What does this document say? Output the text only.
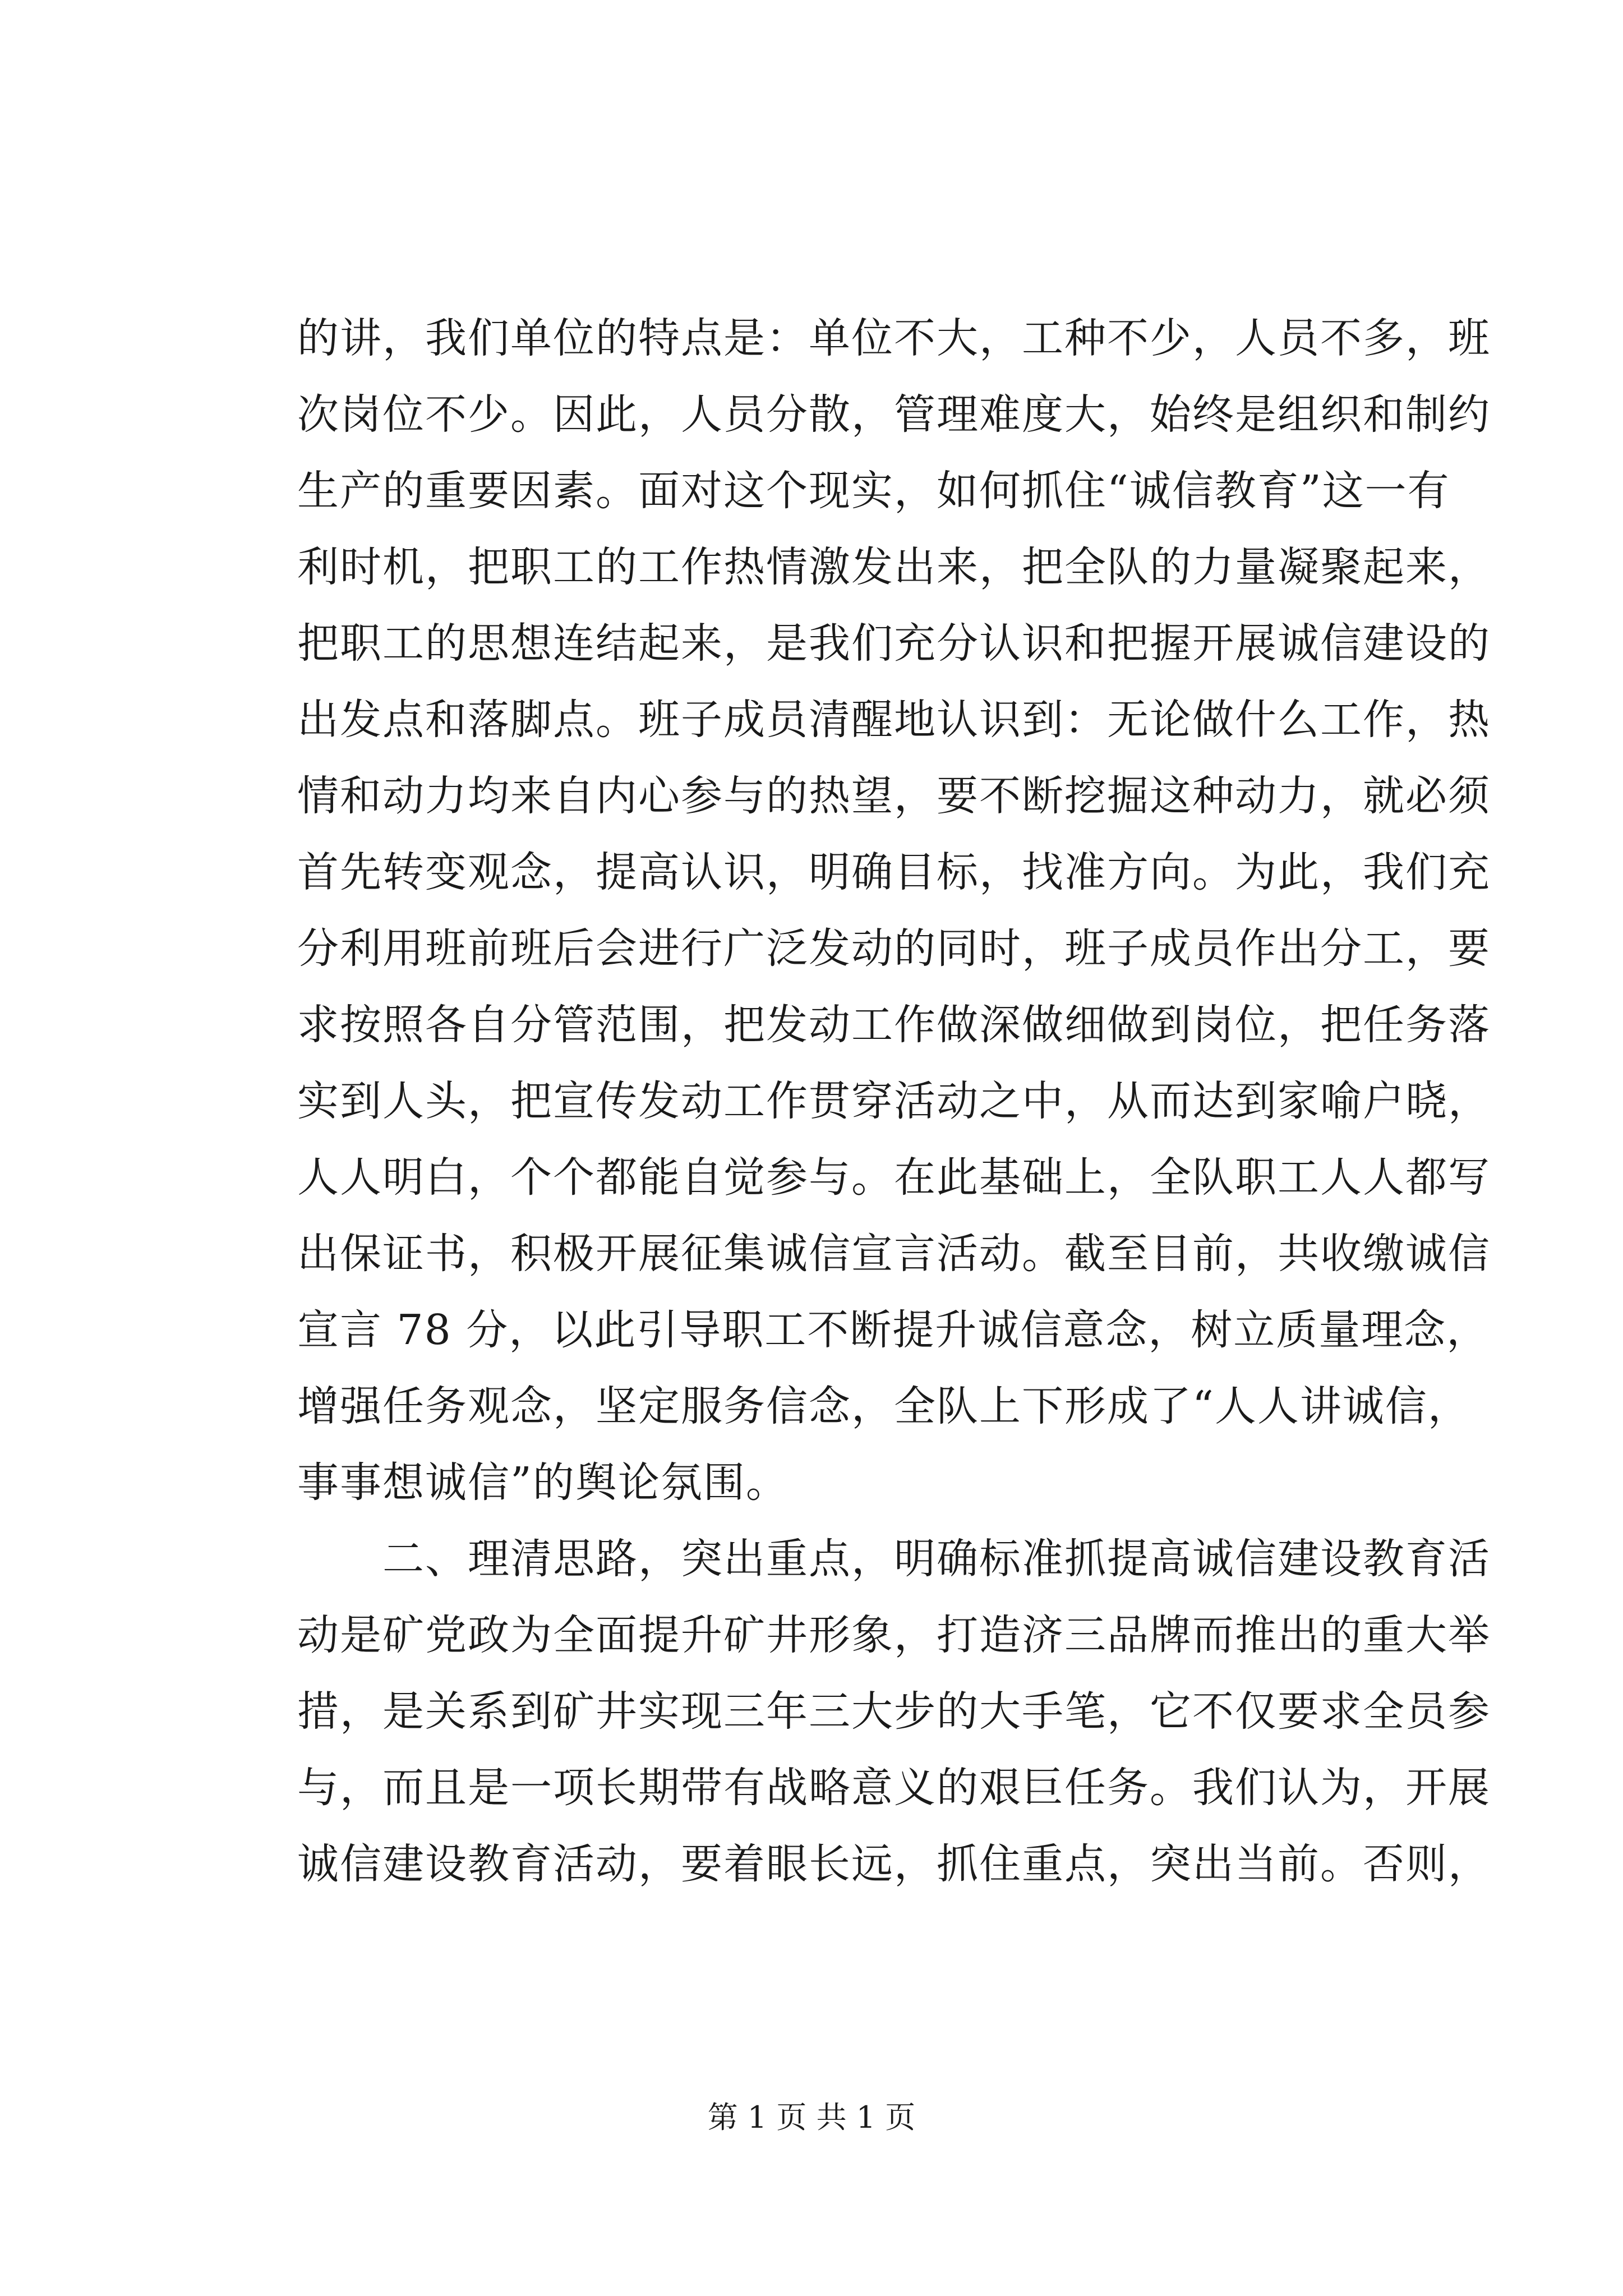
的讲，我们单位的特点是：单位不大，工种不少，人员不多，班
次岗位不少。因此，人员分散，管理难度大，始终是组织和制约
生产的重要因素。面对这个现实，如何抓住“诚信教育”这一有
利时机，把职工的工作热情激发出来，把全队的力量凝聚起来，
把职工的思想连结起来，是我们充分认识和把握开展诚信建设的
出发点和落脚点。班子成员清醒地认识到：无论做什么工作，热
情和动力均来自内心参与的热望，要不断挖掘这种动力，就必须
首先转变观念，提高认识，明确目标，找准方向。为此，我们充
分利用班前班后会进行广泛发动的同时，班子成员作出分工，要
求按照各自分管范围，把发动工作做深做细做到岗位，把任务落
实到人头，把宣传发动工作贯穿活动之中，从而达到家喻户晓，
人人明白，个个都能自觉参与。在此基础上，全队职工人人都写
出保证书，积极开展征集诚信宣言活动。截至目前，共收缴诚信
宣言 78 分，以此引导职工不断提升诚信意念，树立质量理念，
增强任务观念，坚定服务信念，全队上下形成了“人人讲诚信，
事事想诚信”的舆论氛围。
　　二、理清思路，突出重点，明确标准抓提高诚信建设教育活
动是矿党政为全面提升矿井形象，打造济三品牌而推出的重大举
措，是关系到矿井实现三年三大步的大手笔，它不仅要求全员参
与，而且是一项长期带有战略意义的艰巨任务。我们认为，开展
诚信建设教育活动，要着眼长远，抓住重点，突出当前。否则，
第 1 页 共 1 页
